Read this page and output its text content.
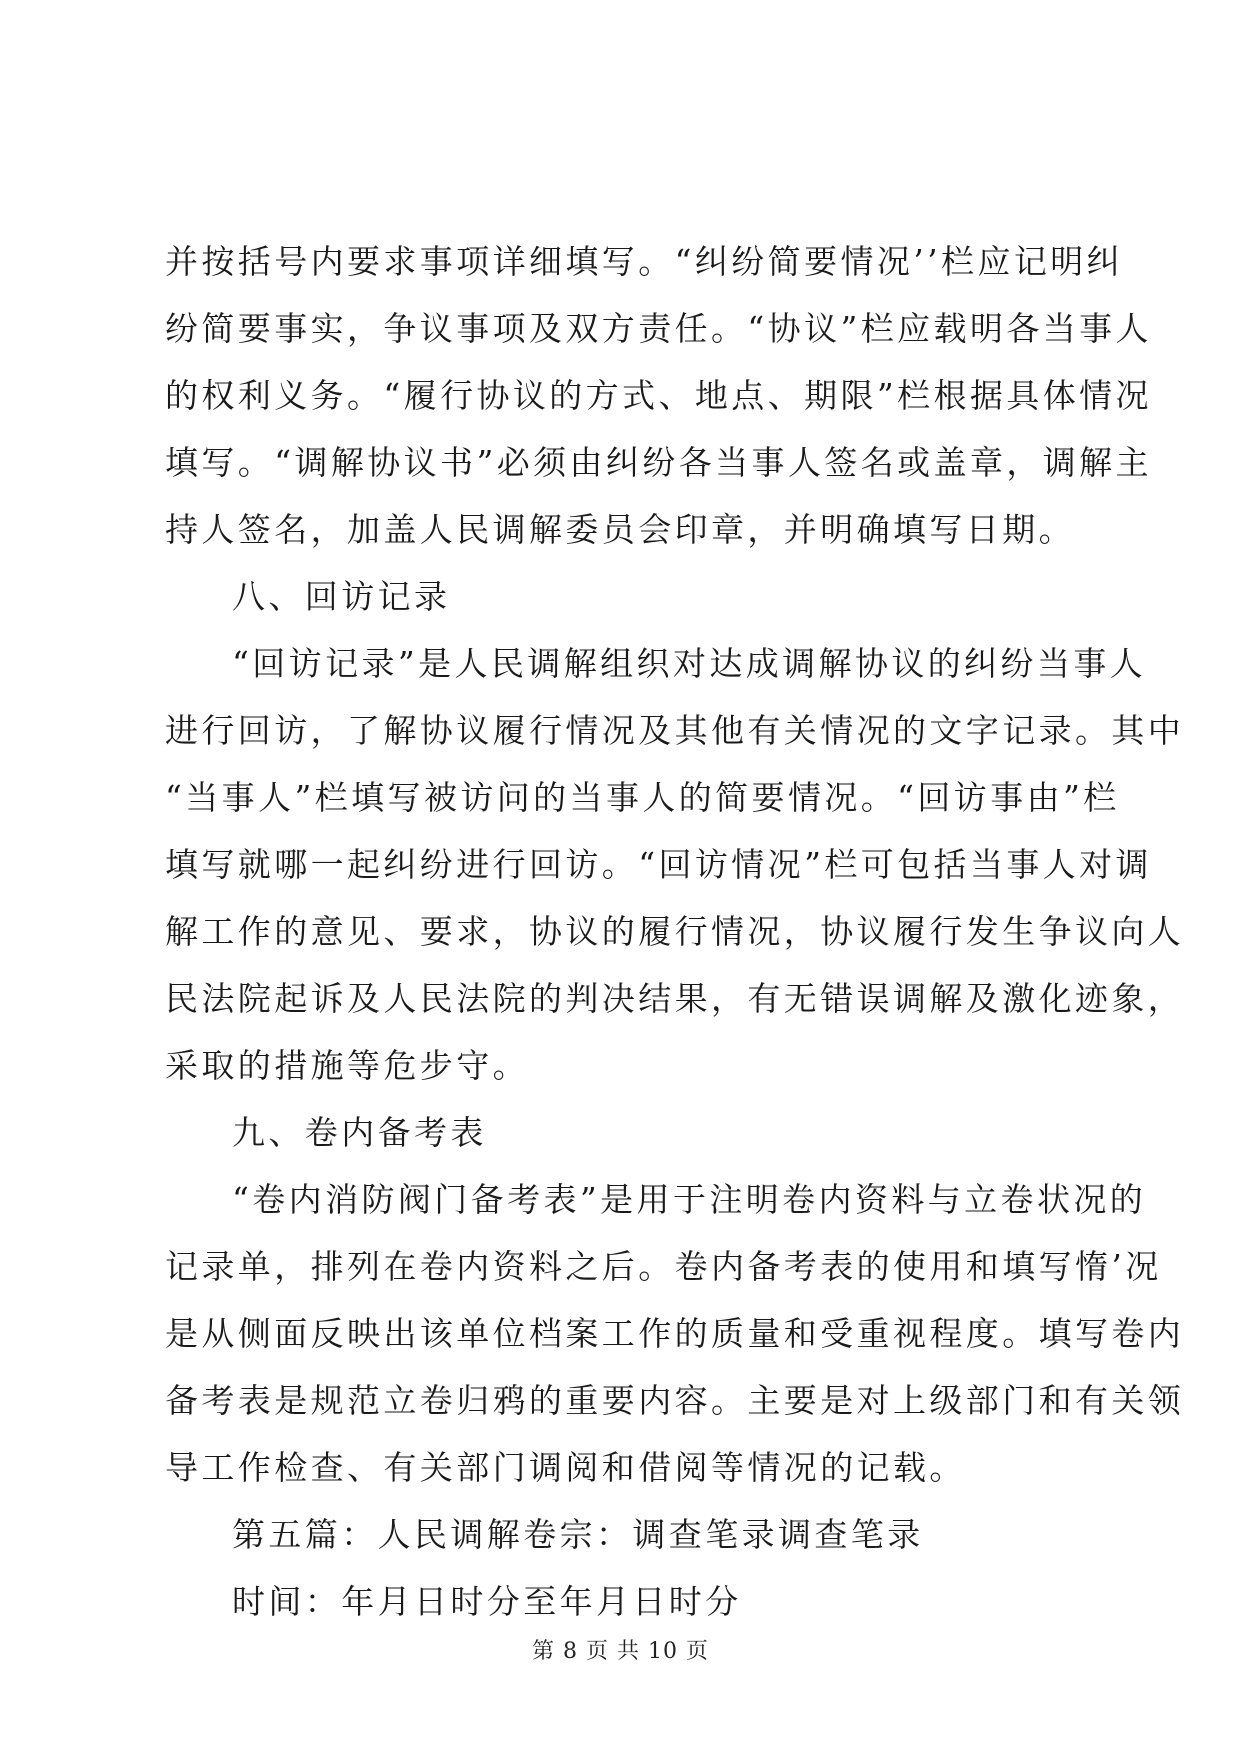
并按括号内要求事项详细填写。“纠纷简要情况’’栏应记明纠
纷简要事实，争议事项及双方责任。“协议”栏应载明各当事人
的权利义务。“履行协议的方式、地点、期限”栏根据具体情况
填写。“调解协议书”必须由纠纷各当事人签名或盖章，调解主
持人签名，加盖人民调解委员会印章，并明确填写日期。
八、回访记录
“回访记录”是人民调解组织对达成调解协议的纠纷当事人
进行回访，了解协议履行情况及其他有关情况的文字记录。其中
“当事人”栏填写被访问的当事人的简要情况。“回访事由”栏
填写就哪一起纠纷进行回访。“回访情况”栏可包括当事人对调
解工作的意见、要求，协议的履行情况，协议履行发生争议向人
民法院起诉及人民法院的判决结果，有无错误调解及激化迹象，
采取的措施等危步守。
九、卷内备考表
“卷内消防阀门备考表”是用于注明卷内资料与立卷状况的
记录单，排列在卷内资料之后。卷内备考表的使用和填写惰’况
是从侧面反映出该单位档案工作的质量和受重视程度。填写卷内
备考表是规范立卷归鸦的重要内容。主要是对上级部门和有关领
导工作检查、有关部门调阅和借阅等情况的记载。
第五篇：人民调解卷宗：调查笔录调查笔录
时间：年月日时分至年月日时分
第 8 页 共 10 页
